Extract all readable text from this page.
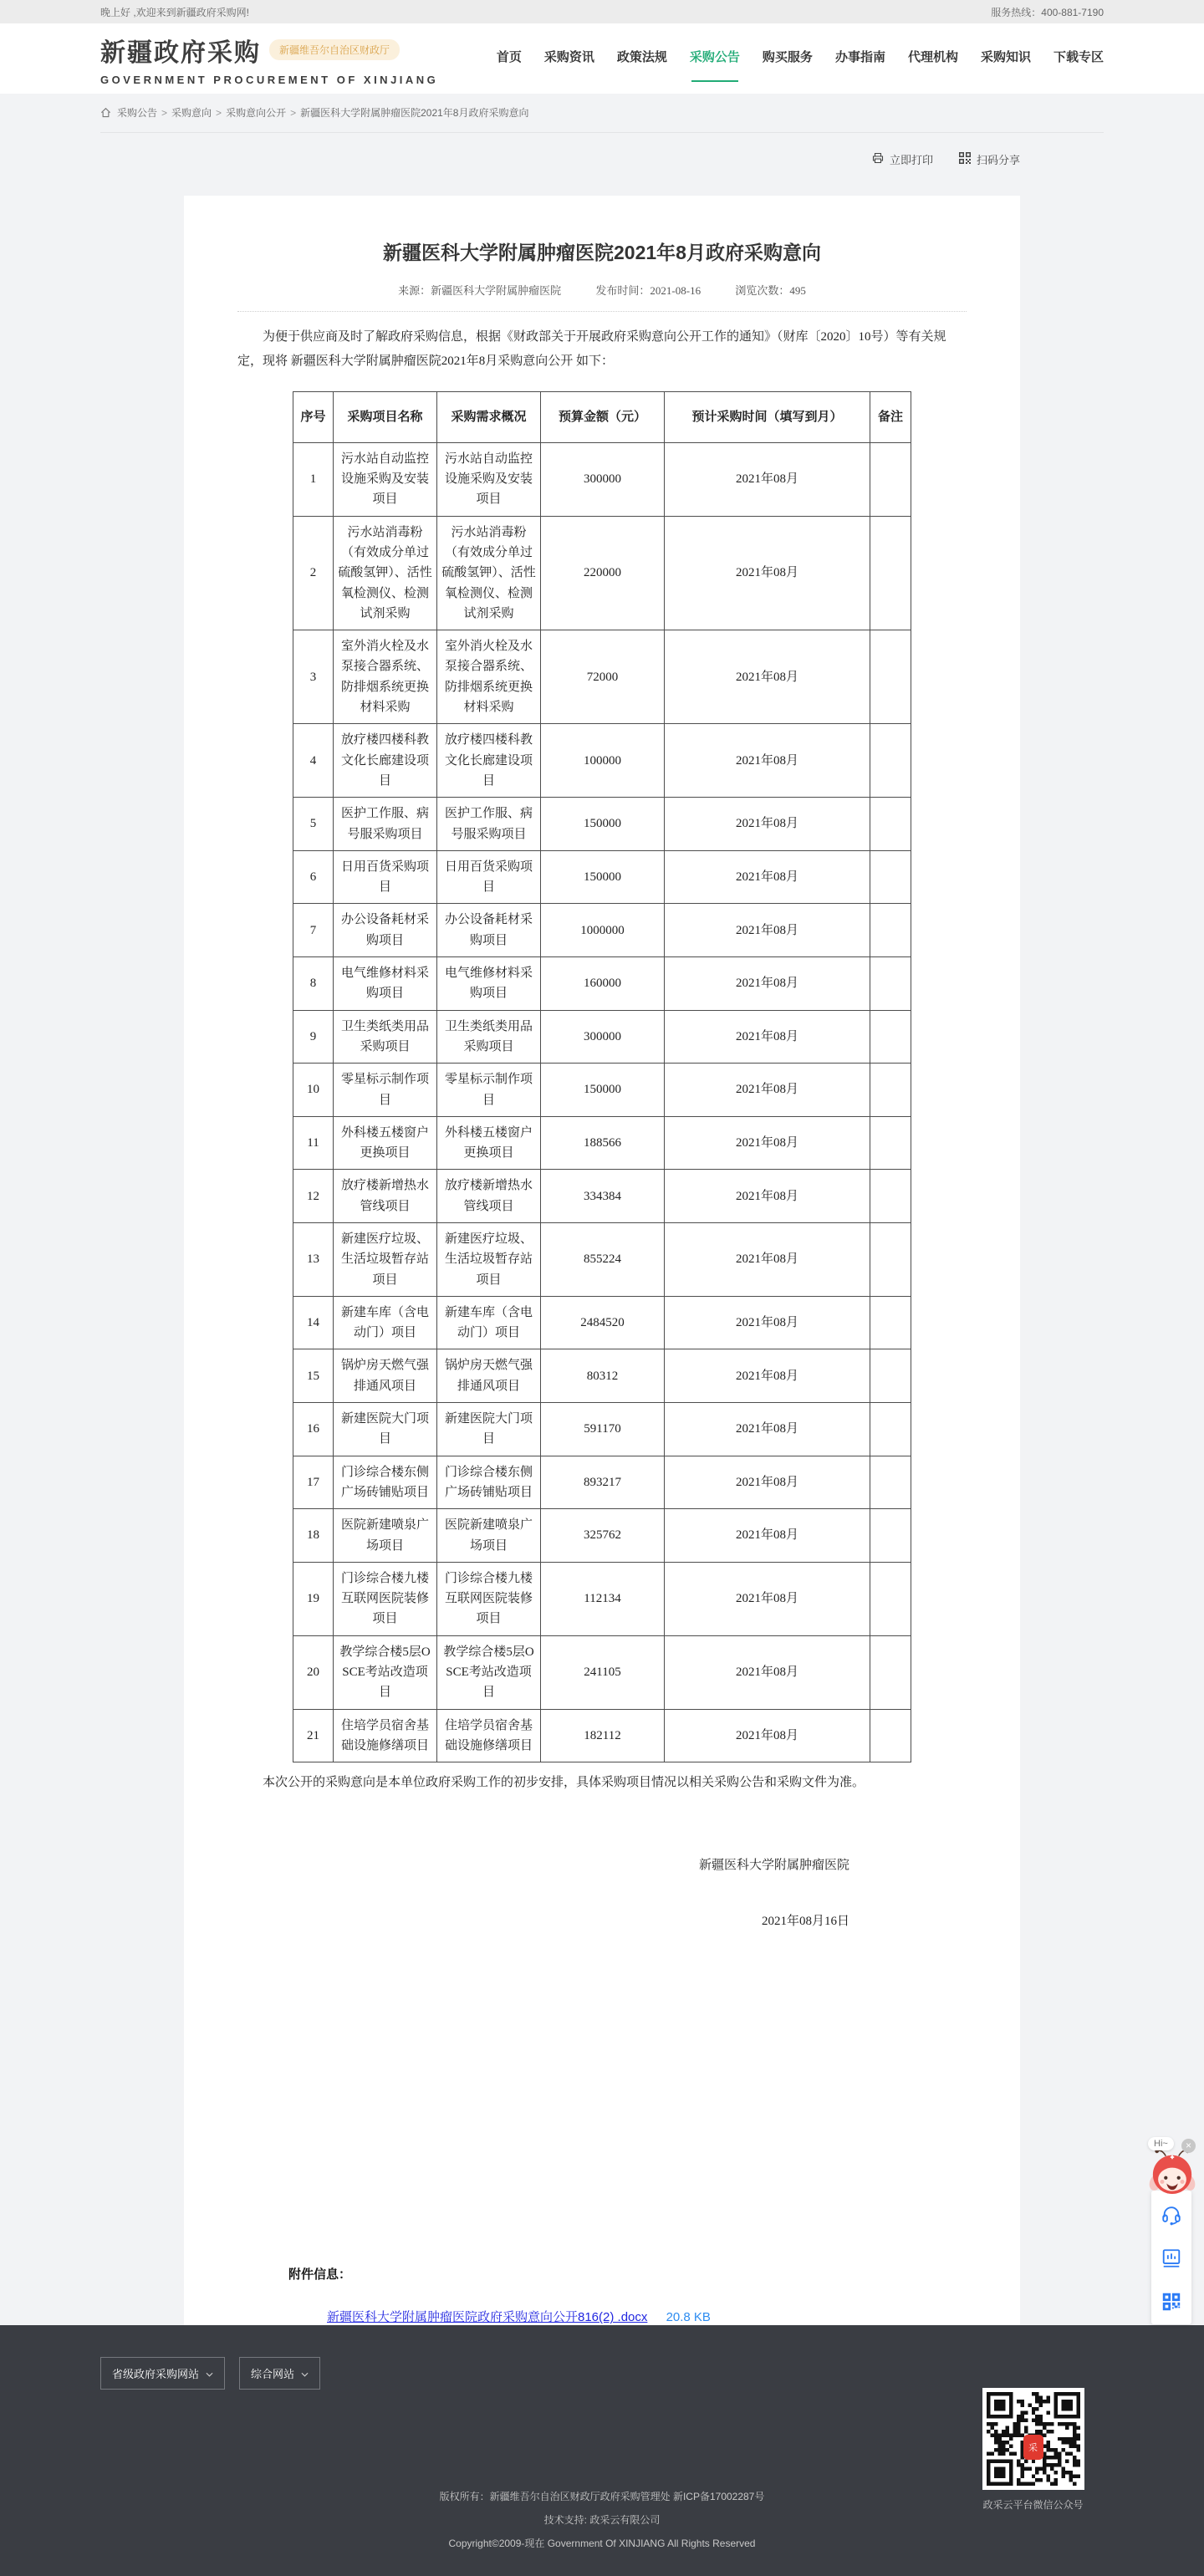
晚上好 ,欢迎来到新疆政府采购网!	服务热线：400-881-7190
新疆政府采购	新疆维吾尔自治区财政厅
GOVERNMENT PROCUREMENT OF XINJIANG
首页 采购资讯 政策法规 采购公告 购买服务 办事指南 代理机构 采购知识 下载专区
采购公告 > 采购意向 > 采购意向公开 > 新疆医科大学附属肿瘤医院2021年8月政府采购意向
立即打印	扫码分享
新疆医科大学附属肿瘤医院2021年8月政府采购意向
来源：新疆医科大学附属肿瘤医院	发布时间：2021-08-16	浏览次数：495

为便于供应商及时了解政府采购信息，根据《财政部关于开展政府采购意向公开工作的通知》（财库〔2020〕10号）等有关规定，现将 新疆医科大学附属肿瘤医院2021年8月采购意向公开 如下：

序号	采购项目名称	采购需求概况	预算金额（元）	预计采购时间（填写到月）	备注
1	污水站自动监控设施采购及安装项目	污水站自动监控设施采购及安装项目	300000	2021年08月	
2	污水站消毒粉（有效成分单过硫酸氢钾）、活性氧检测仪、检测试剂采购	污水站消毒粉（有效成分单过硫酸氢钾）、活性氧检测仪、检测试剂采购	220000	2021年08月	
3	室外消火栓及水泵接合器系统、防排烟系统更换材料采购	室外消火栓及水泵接合器系统、防排烟系统更换材料采购	72000	2021年08月	
4	放疗楼四楼科教文化长廊建设项目	放疗楼四楼科教文化长廊建设项目	100000	2021年08月	
5	医护工作服、病号服采购项目	医护工作服、病号服采购项目	150000	2021年08月	
6	日用百货采购项目	日用百货采购项目	150000	2021年08月	
7	办公设备耗材采购项目	办公设备耗材采购项目	1000000	2021年08月	
8	电气维修材料采购项目	电气维修材料采购项目	160000	2021年08月	
9	卫生类纸类用品采购项目	卫生类纸类用品采购项目	300000	2021年08月	
10	零星标示制作项目	零星标示制作项目	150000	2021年08月	
11	外科楼五楼窗户更换项目	外科楼五楼窗户更换项目	188566	2021年08月	
12	放疗楼新增热水管线项目	放疗楼新增热水管线项目	334384	2021年08月	
13	新建医疗垃圾、生活垃圾暂存站项目	新建医疗垃圾、生活垃圾暂存站项目	855224	2021年08月	
14	新建车库（含电动门）项目	新建车库（含电动门）项目	2484520	2021年08月	
15	锅炉房天燃气强排通风项目	锅炉房天燃气强排通风项目	80312	2021年08月	
16	新建医院大门项目	新建医院大门项目	591170	2021年08月	
17	门诊综合楼东侧广场砖铺贴项目	门诊综合楼东侧广场砖铺贴项目	893217	2021年08月	
18	医院新建喷泉广场项目	医院新建喷泉广场项目	325762	2021年08月	
19	门诊综合楼九楼互联网医院装修项目	门诊综合楼九楼互联网医院装修项目	112134	2021年08月	
20	教学综合楼5层OSCE考站改造项目	教学综合楼5层OSCE考站改造项目	241105	2021年08月	
21	住培学员宿舍基础设施修缮项目	住培学员宿舍基础设施修缮项目	182112	2021年08月	

本次公开的采购意向是本单位政府采购工作的初步安排，具体采购项目情况以相关采购公告和采购文件为准。

新疆医科大学附属肿瘤医院
2021年08月16日
附件信息：
新疆医科大学附属肿瘤医院政府采购意向公开816(2) .docx 20.8 KB
省级政府采购网站	综合网站
采
政采云平台微信公众号
版权所有：新疆维吾尔自治区财政厅政府采购管理处 新ICP备17002287号
技术支持: 政采云有限公司
Copyright©2009-现在 Government Of XINJIANG All Rights Reserved
Hi~	×
